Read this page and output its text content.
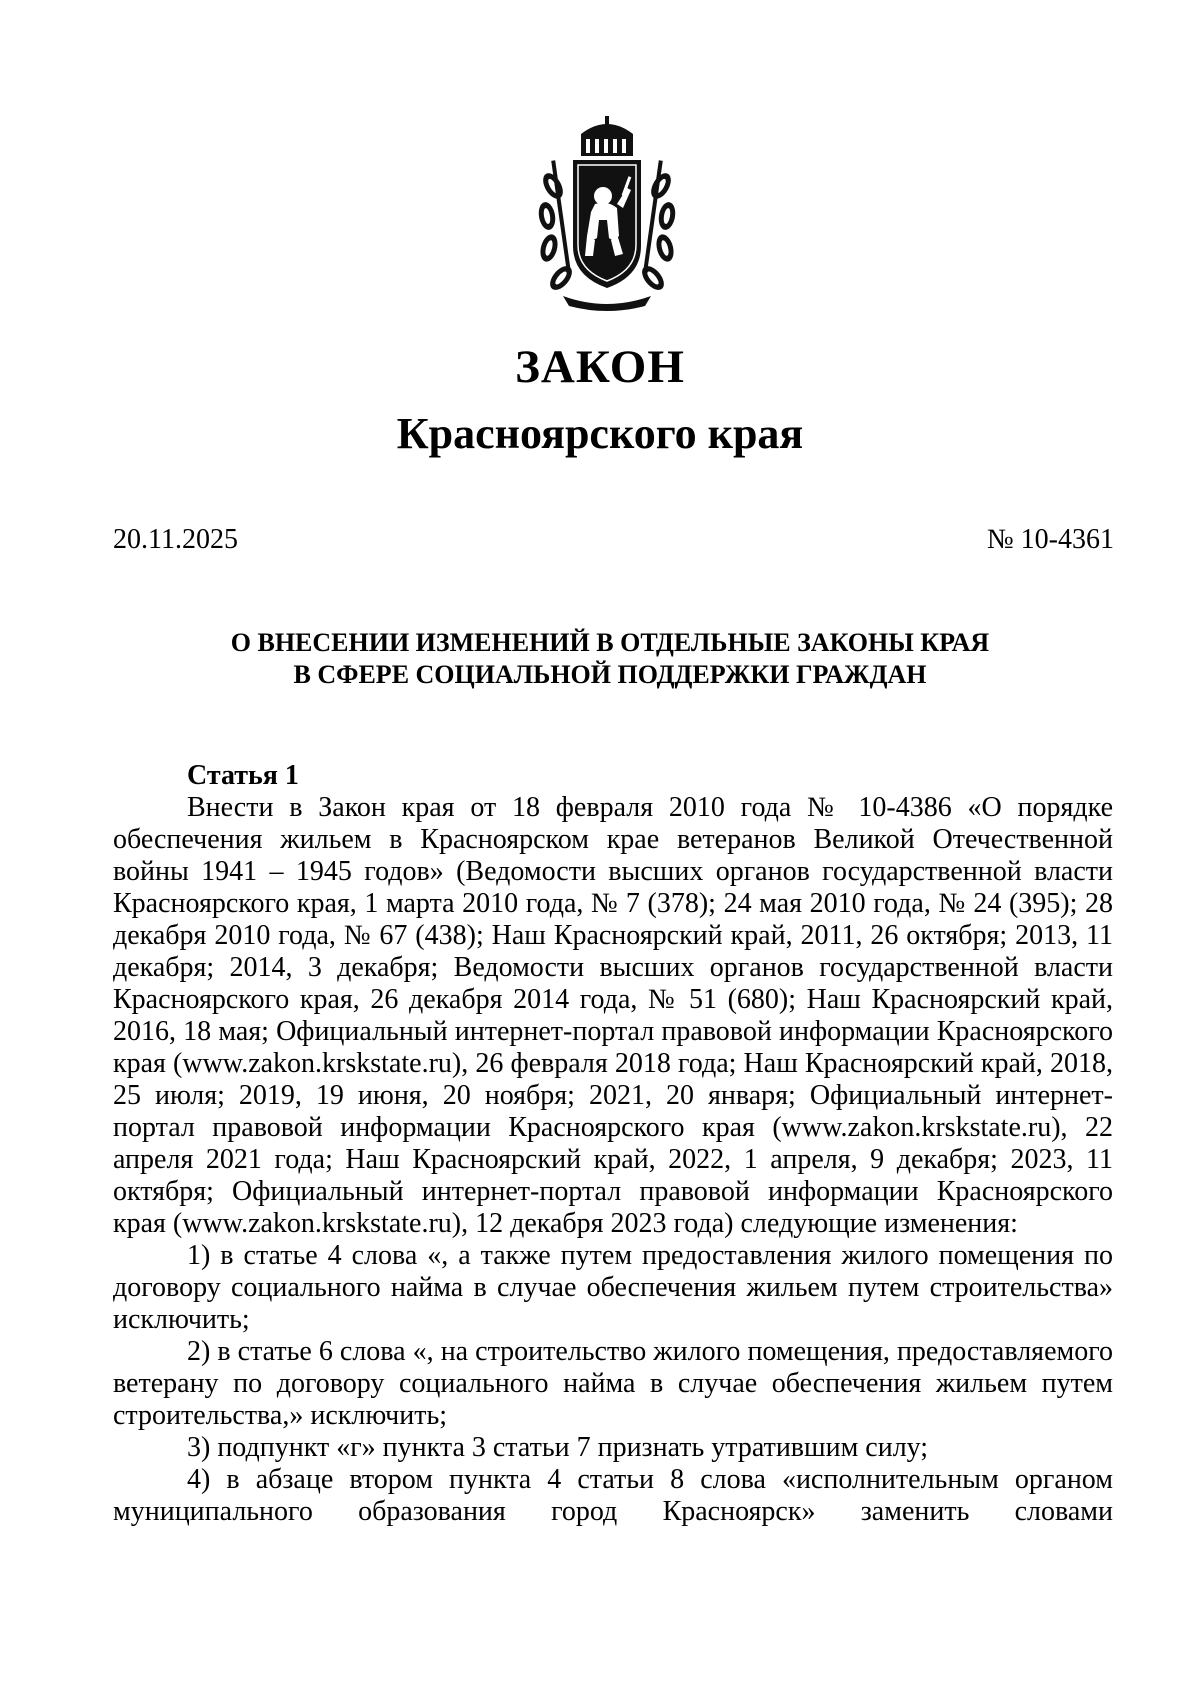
ЗАКОН
Красноярского края
20.11.2025	№ 10-4361
О ВНЕСЕНИИ ИЗМЕНЕНИЙ В ОТДЕЛЬНЫЕ ЗАКОНЫ КРАЯ
В СФЕРЕ СОЦИАЛЬНОЙ ПОДДЕРЖКИ ГРАЖДАН
Статья 1

Внести в Закон края от 18 февраля 2010 года № 10-4386 «О порядке обеспечения жильем в Красноярском крае ветеранов Великой Отечественной войны 1941 – 1945 годов» (Ведомости высших органов государственной власти Красноярского края, 1 марта 2010 года, № 7 (378); 24 мая 2010 года, № 24 (395); 28 декабря 2010 года, № 67 (438); Наш Красноярский край, 2011, 26 октября; 2013, 11 декабря; 2014, 3 декабря; Ведомости высших органов государственной власти Красноярского края, 26 декабря 2014 года, № 51 (680); Наш Красноярский край, 2016, 18 мая; Официальный интернет-портал правовой информации Красноярского края (www.zakon.krskstate.ru), 26 февраля 2018 года; Наш Красноярский край, 2018, 25 июля; 2019, 19 июня, 20 ноября; 2021, 20 января; Официальный интернет-портал правовой информации Красноярского края (www.zakon.krskstate.ru), 22 апреля 2021 года; Наш Красноярский край, 2022, 1 апреля, 9 декабря; 2023, 11 октября; Официальный интернет-портал правовой информации Красноярского края (www.zakon.krskstate.ru), 12 декабря 2023 года) следующие изменения:

1) в статье 4 слова «, а также путем предоставления жилого помещения по договору социального найма в случае обеспечения жильем путем строительства» исключить;

2) в статье 6 слова «, на строительство жилого помещения, предоставляемого ветерану по договору социального найма в случае обеспечения жильем путем строительства,» исключить;

3) подпункт «г» пункта 3 статьи 7 признать утратившим силу;

4) в абзаце втором пункта 4 статьи 8 слова «исполнительным органом муниципального образования город Красноярск» заменить словами
